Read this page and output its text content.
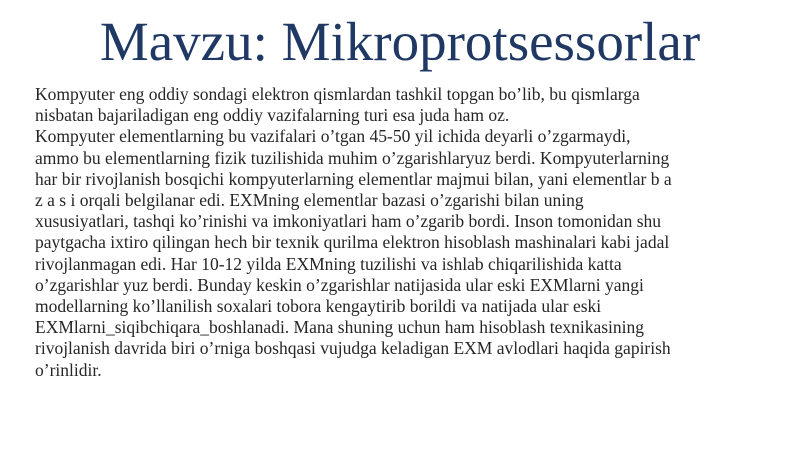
Mavzu: Mikroprotsessorlar
Kompyuter eng oddiy sondagi elektron qismlardan tashkil topgan bo’lib, bu qismlarga
nisbatan bajariladigan eng oddiy vazifalarning turi esa juda ham oz.
Kompyuter elementlarning bu vazifalari o’tgan 45-50 yil ichida deyarli o’zgarmaydi,
ammo bu elementlarning fizik tuzilishida muhim o’zgarishlaryuz berdi. Kompyuterlarning
har bir rivojlanish bosqichi kompyuterlarning elementlar majmui bilan, yani elementlar b a
z a s i orqali belgilanar edi. EXMning elementlar bazasi o’zgarishi bilan uning
xususiyatlari, tashqi ko’rinishi va imkoniyatlari ham o’zgarib bordi. Inson tomonidan shu
paytgacha ixtiro qilingan hech bir texnik qurilma elektron hisoblash mashinalari kabi jadal
rivojlanmagan edi. Har 10-12 yilda EXMning tuzilishi va ishlab chiqarilishida katta
o’zgarishlar yuz berdi. Bunday keskin o’zgarishlar natijasida ular eski EXMlarni yangi
modellarning ko’llanilish soxalari tobora kengaytirib borildi va natijada ular eski
EXMlarni_siqibchiqara_boshlanadi. Mana shuning uchun ham hisoblash texnikasining
rivojlanish davrida biri o’rniga boshqasi vujudga keladigan EXM avlodlari haqida gapirish
o’rinlidir.
